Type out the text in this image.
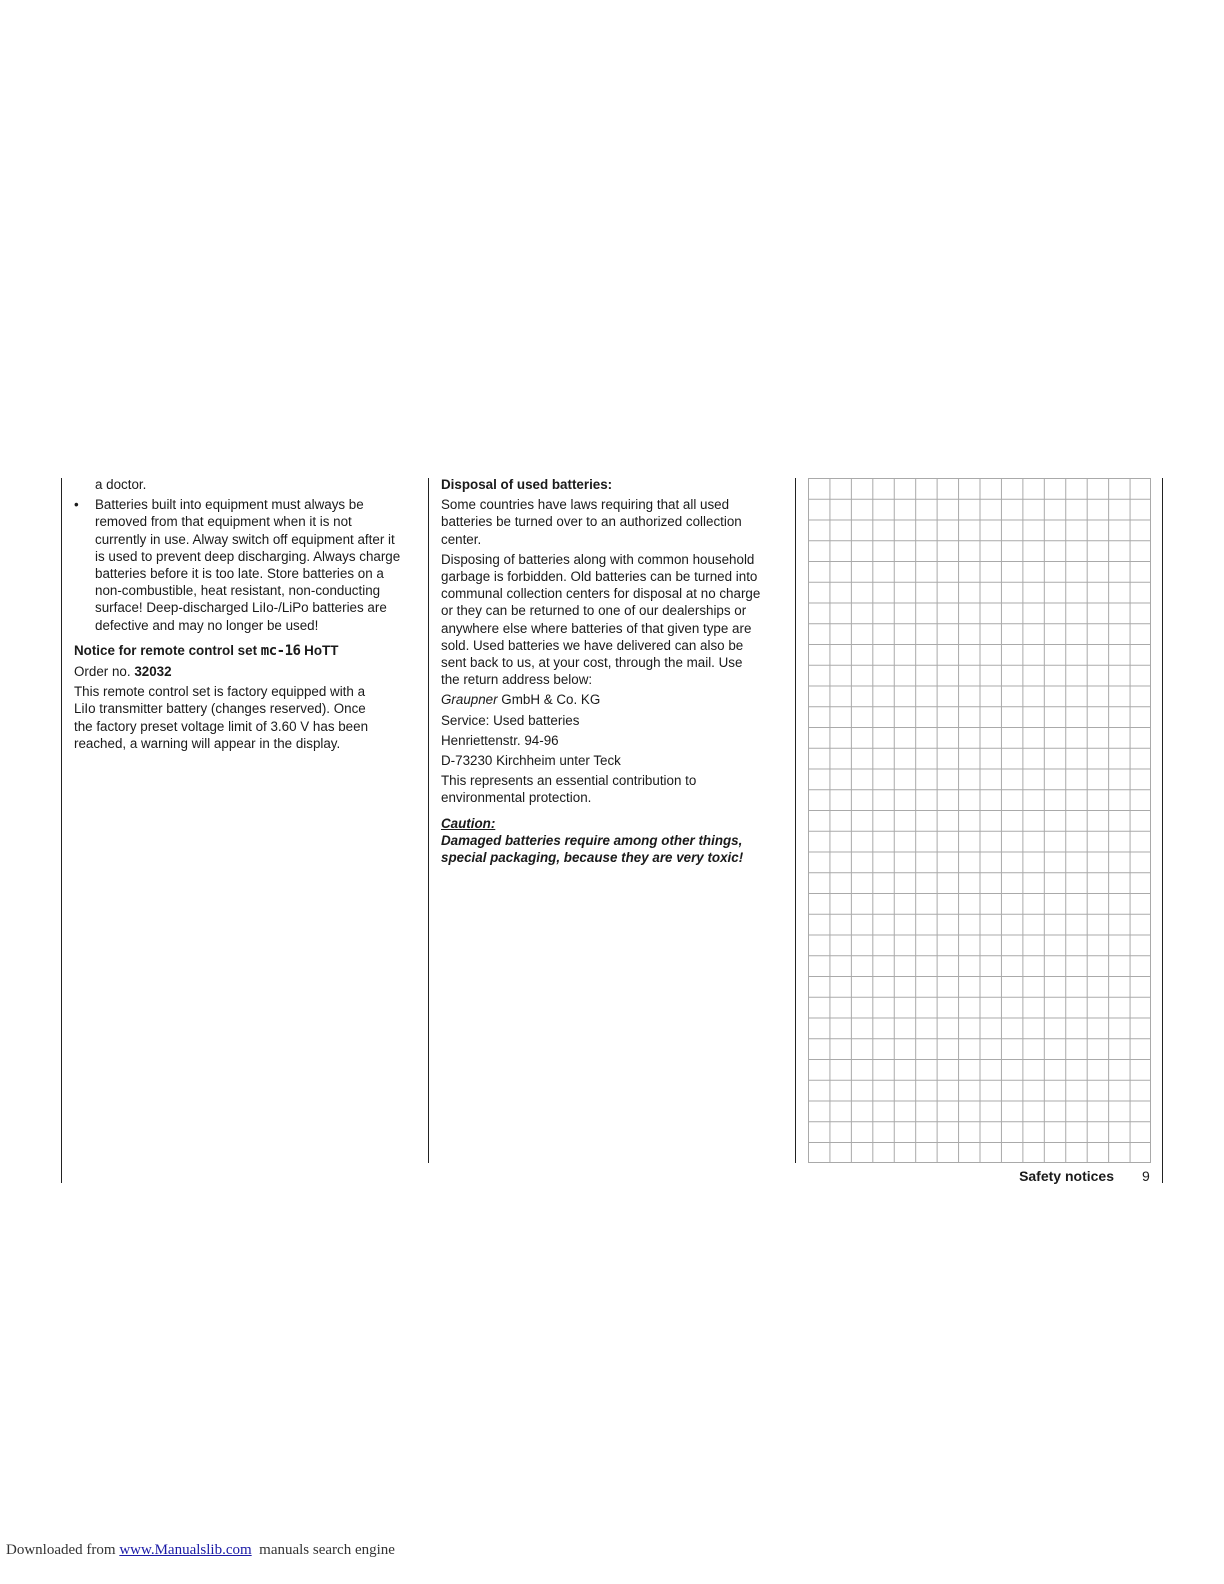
a doctor.

• Batteries built into equipment must always be

removed from that equipment when it is not

currently in use. Alway switch off equipment after it

is used to prevent deep discharging. Always charge

batteries before it is too late. Store batteries on a

non-combustible, heat resistant, non-conducting

surface! Deep-discharged LiIo-/LiPo batteries are

defective and may no longer be used!

Notice for remote control set mc-16 HoTT

Order no. 32032

This remote control set is factory equipped with a

LiIo transmitter battery (changes reserved). Once

the factory preset voltage limit of 3.60 V has been

reached, a warning will appear in the display.

Disposal of used batteries:

Some countries have laws requiring that all used

batteries be turned over to an authorized collection

center.

Disposing of batteries along with common household

garbage is forbidden. Old batteries can be turned into

communal collection centers for disposal at no charge

or they can be returned to one of our dealerships or

anywhere else where batteries of that given type are

sold. Used batteries we have delivered can also be

sent back to us, at your cost, through the mail. Use

the return address below:

Graupner GmbH & Co. KG

Service: Used batteries

Henriettenstr. 94-96

D-73230 Kirchheim unter Teck

This represents an essential contribution to

environmental protection.

Caution:

Damaged batteries require among other things,

special packaging, because they are very toxic!

Safety notices 9
Downloaded from www.Manualslib.com  manuals search engine
